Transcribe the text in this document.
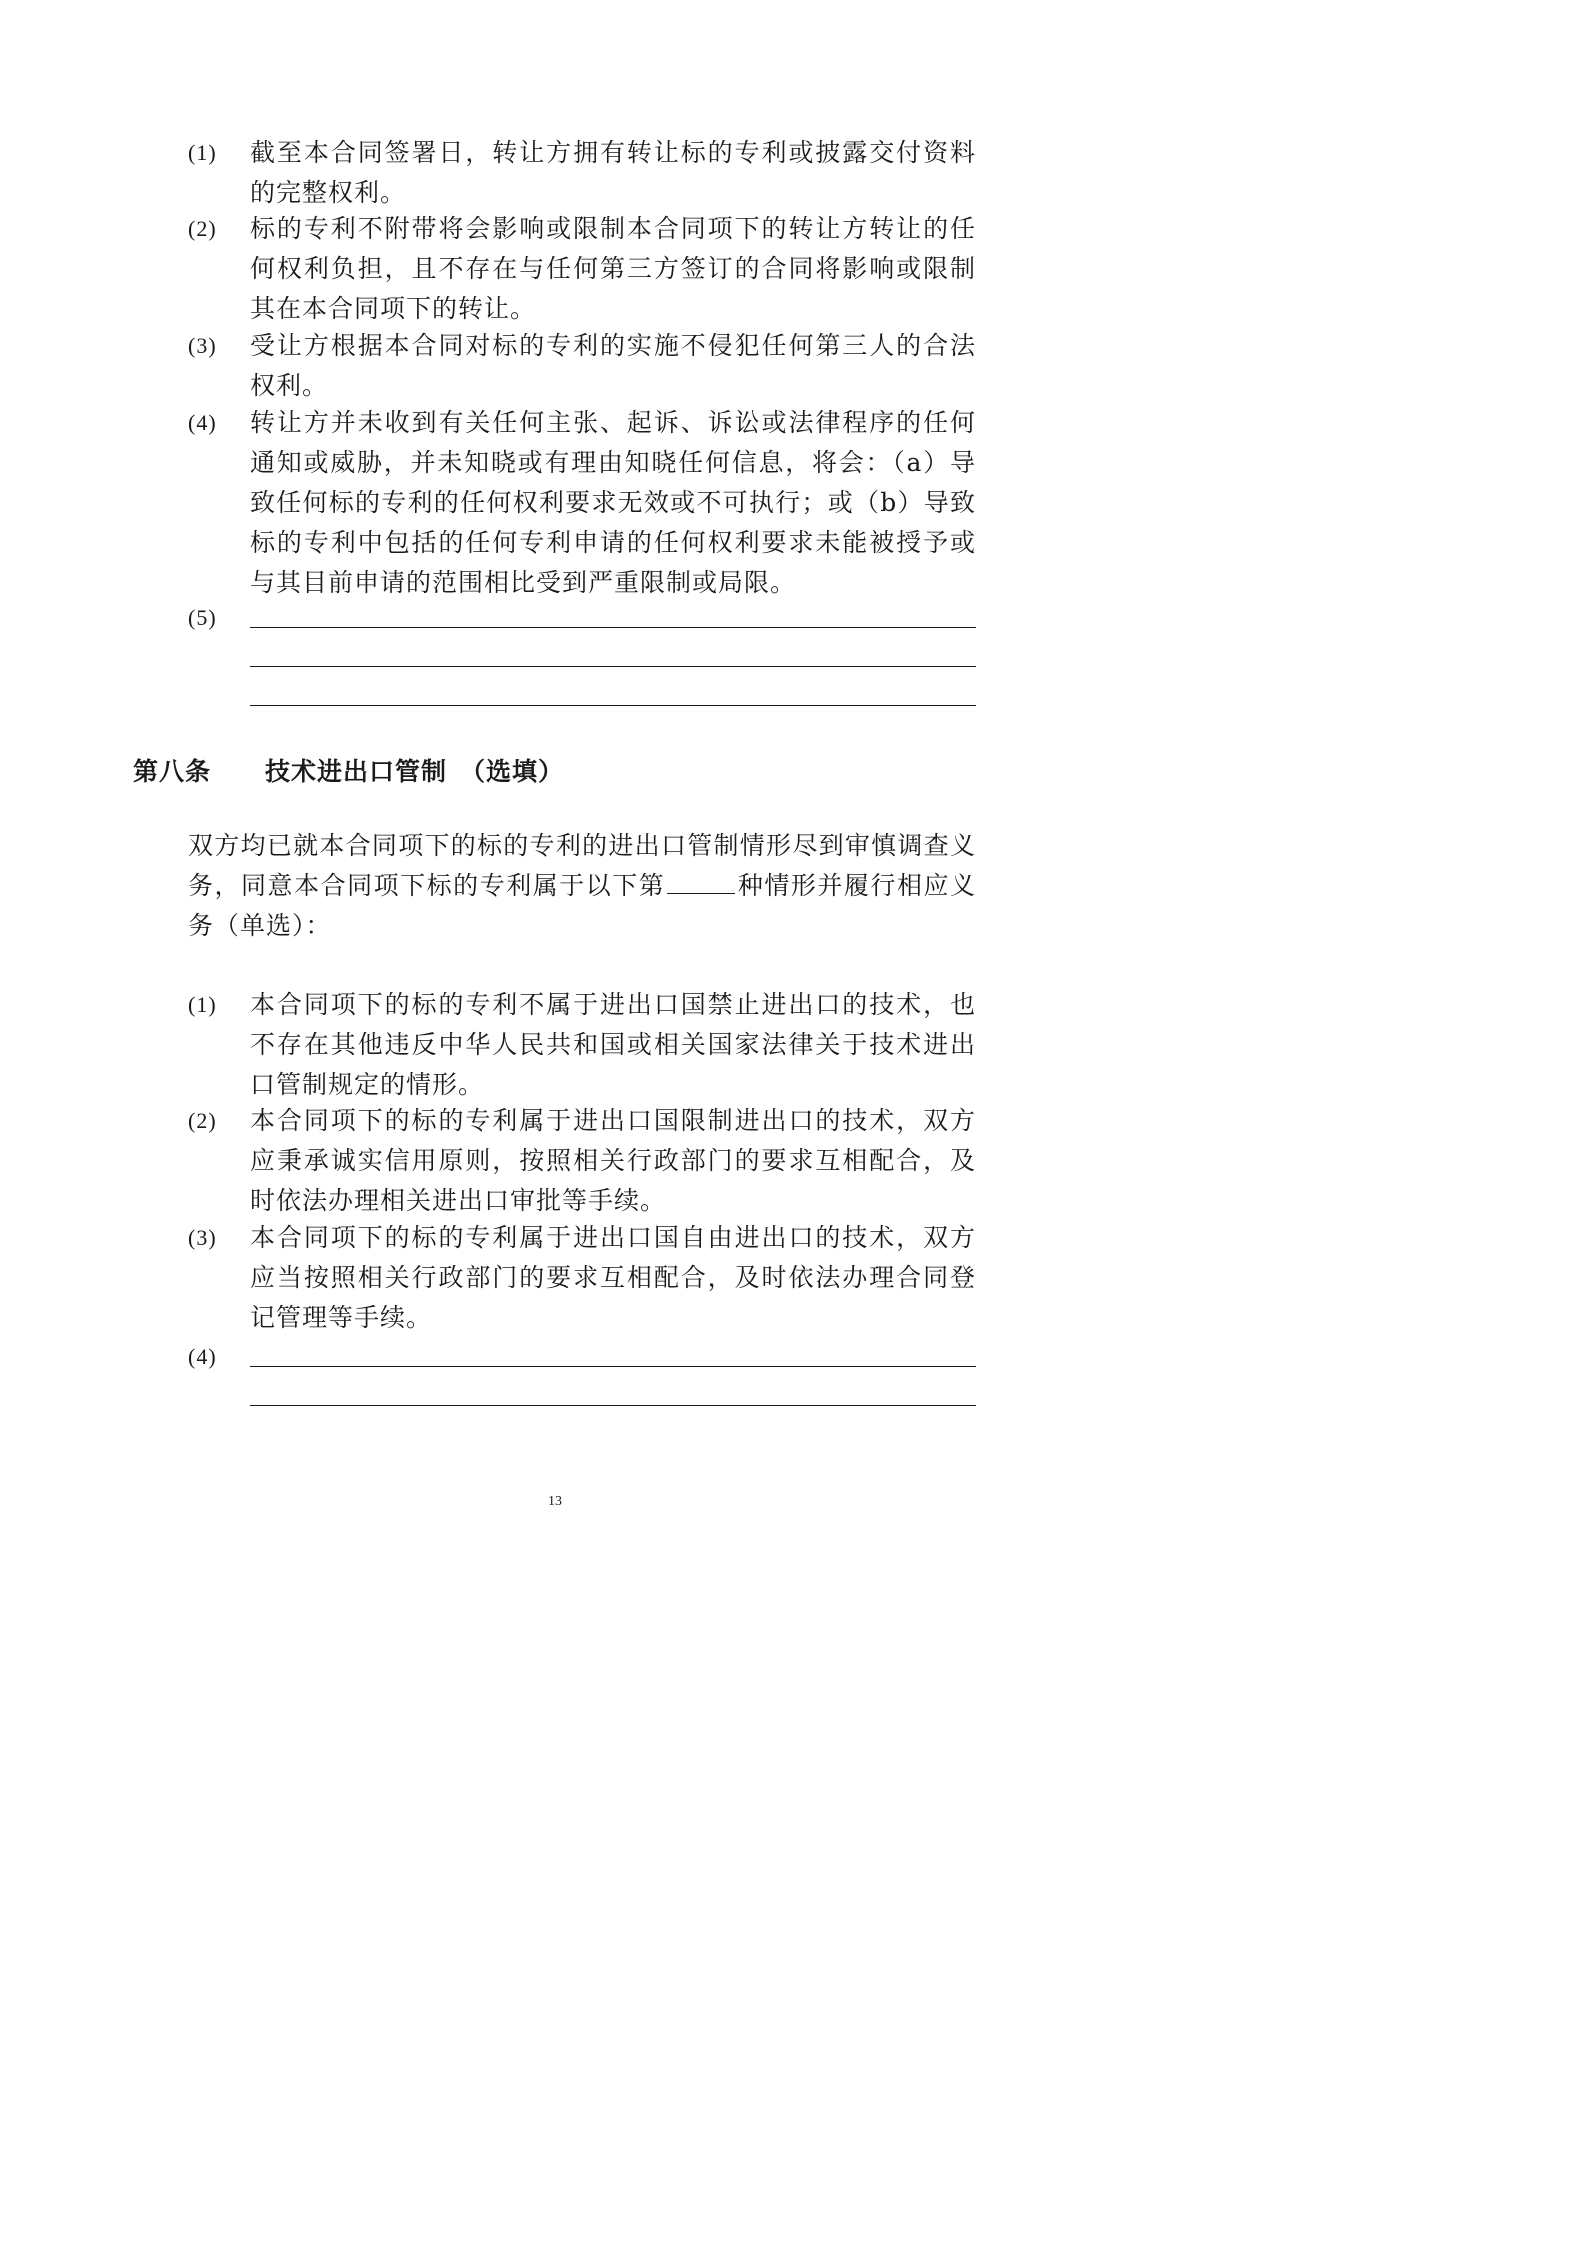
(1) 截至本合同签署日，转让方拥有转让标的专利或披露交付资料的完整权利。
(2) 标的专利不附带将会影响或限制本合同项下的转让方转让的任何权利负担，且不存在与任何第三方签订的合同将影响或限制其在本合同项下的转让。
(3) 受让方根据本合同对标的专利的实施不侵犯任何第三人的合法权利。
(4) 转让方并未收到有关任何主张、起诉、诉讼或法律程序的任何通知或威胁，并未知晓或有理由知晓任何信息，将会：（a）导致任何标的专利的任何权利要求无效或不可执行；或（b）导致标的专利中包括的任何专利申请的任何权利要求未能被授予或与其目前申请的范围相比受到严重限制或局限。
(5)
第八条 技术进出口管制 （选填）
双方均已就本合同项下的标的专利的进出口管制情形尽到审慎调查义务，同意本合同项下标的专利属于以下第	种情形并履行相应义务（单选）：
(1) 本合同项下的标的专利不属于进出口国禁止进出口的技术，也不存在其他违反中华人民共和国或相关国家法律关于技术进出口管制规定的情形。
(2) 本合同项下的标的专利属于进出口国限制进出口的技术，双方应秉承诚实信用原则，按照相关行政部门的要求互相配合，及时依法办理相关进出口审批等手续。
(3) 本合同项下的标的专利属于进出口国自由进出口的技术，双方应当按照相关行政部门的要求互相配合，及时依法办理合同登记管理等手续。
(4)
13
